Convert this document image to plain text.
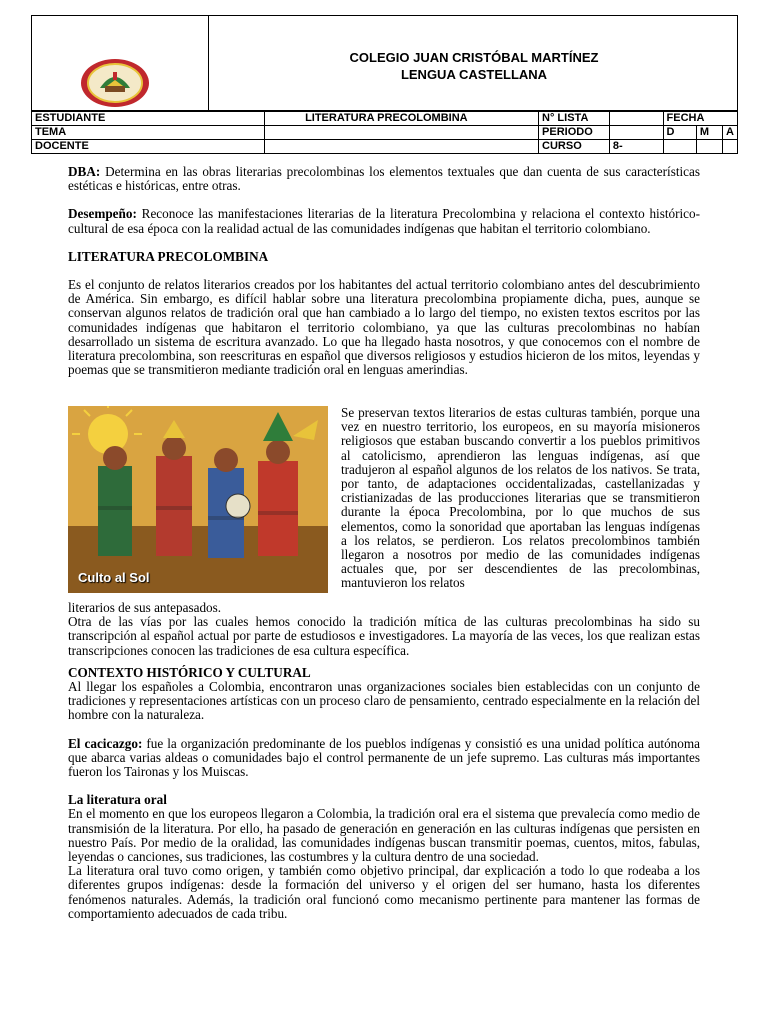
COLEGIO JUAN CRISTÓBAL MARTÍNEZ
LENGUA CASTELLANA
ESTUDIANTE	LITERATURA PRECOLOMBINA	N° LISTA		FECHA		
TEMA		PERIODO		D	M	A
DOCENTE		CURSO	8-			

DBA: Determina en las obras literarias precolombinas los elementos textuales que dan cuenta de sus características estéticas e históricas, entre otras.

Desempeño: Reconoce las manifestaciones literarias de la literatura Precolombina y relaciona el contexto histórico-cultural de esa época con la realidad actual de las comunidades indígenas que habitan el territorio colombiano.

LITERATURA PRECOLOMBINA

Es el conjunto de relatos literarios creados por los habitantes del actual territorio colombiano antes del descubrimiento de América. Sin embargo, es difícil hablar sobre una literatura precolombina propiamente dicha, pues, aunque se conservan algunos relatos de tradición oral que han cambiado a lo largo del tiempo, no existen textos escritos por las comunidades indígenas que habitaron el territorio colombiano, ya que las culturas precolombinas no habían desarrollado un sistema de escritura avanzado. Lo que ha llegado hasta nosotros, y que conocemos con el nombre de literatura precolombina, son reescrituras en español que diversos religiosos y estudios hicieron de los mitos, leyendas y poemas que se transmitieron mediante tradición oral en lenguas amerindias.

Culto al Sol
Se preservan textos literarios de estas culturas también, porque una vez en nuestro territorio, los europeos, en su mayoría misioneros religiosos que estaban buscando convertir a los pueblos primitivos al catolicismo, aprendieron las lenguas indígenas, así que tradujeron al español algunos de los relatos de los nativos. Se trata, por tanto, de adaptaciones occidentalizadas, castellanizadas y cristianizadas de las producciones literarias que se transmitieron durante la época Precolombina, por lo que muchos de sus elementos, como la sonoridad que aportaban las lenguas indígenas a los relatos, se perdieron. Los relatos precolombinos también llegaron a nosotros por medio de las comunidades indígenas actuales que, por ser descendientes de las precolombinas, mantuvieron los relatos

literarios de sus antepasados.

Otra de las vías por las cuales hemos conocido la tradición mítica de las culturas precolombinas ha sido su transcripción al español actual por parte de estudiosos e investigadores. La mayoría de las veces, los que realizan estas transcripciones conocen las tradiciones de esa cultura específica.

CONTEXTO HISTÓRICO Y CULTURAL

Al llegar los españoles a Colombia, encontraron unas organizaciones sociales bien establecidas con un conjunto de tradiciones y representaciones artísticas con un proceso claro de pensamiento, centrado especialmente en la relación del hombre con la naturaleza.

El cacicazgo: fue la organización predominante de los pueblos indígenas y consistió es una unidad política autónoma que abarca varias aldeas o comunidades bajo el control permanente de un jefe supremo. Las culturas más importantes fueron los Taironas y los Muiscas.

La literatura oral

En el momento en que los europeos llegaron a Colombia, la tradición oral era el sistema que prevalecía como medio de transmisión de la literatura. Por ello, ha pasado de generación en generación en las culturas indígenas que persisten en nuestro País. Por medio de la oralidad, las comunidades indígenas buscan transmitir poemas, cuentos, mitos, fabulas, leyendas o canciones, sus tradiciones, las costumbres y la cultura dentro de una sociedad.

La literatura oral tuvo como origen, y también como objetivo principal, dar explicación a todo lo que rodeaba a los diferentes grupos indígenas: desde la formación del universo y el origen del ser humano, hasta los diferentes fenómenos naturales. Además, la tradición oral funcionó como mecanismo pertinente para mantener las formas de comportamiento adecuados de cada tribu.
